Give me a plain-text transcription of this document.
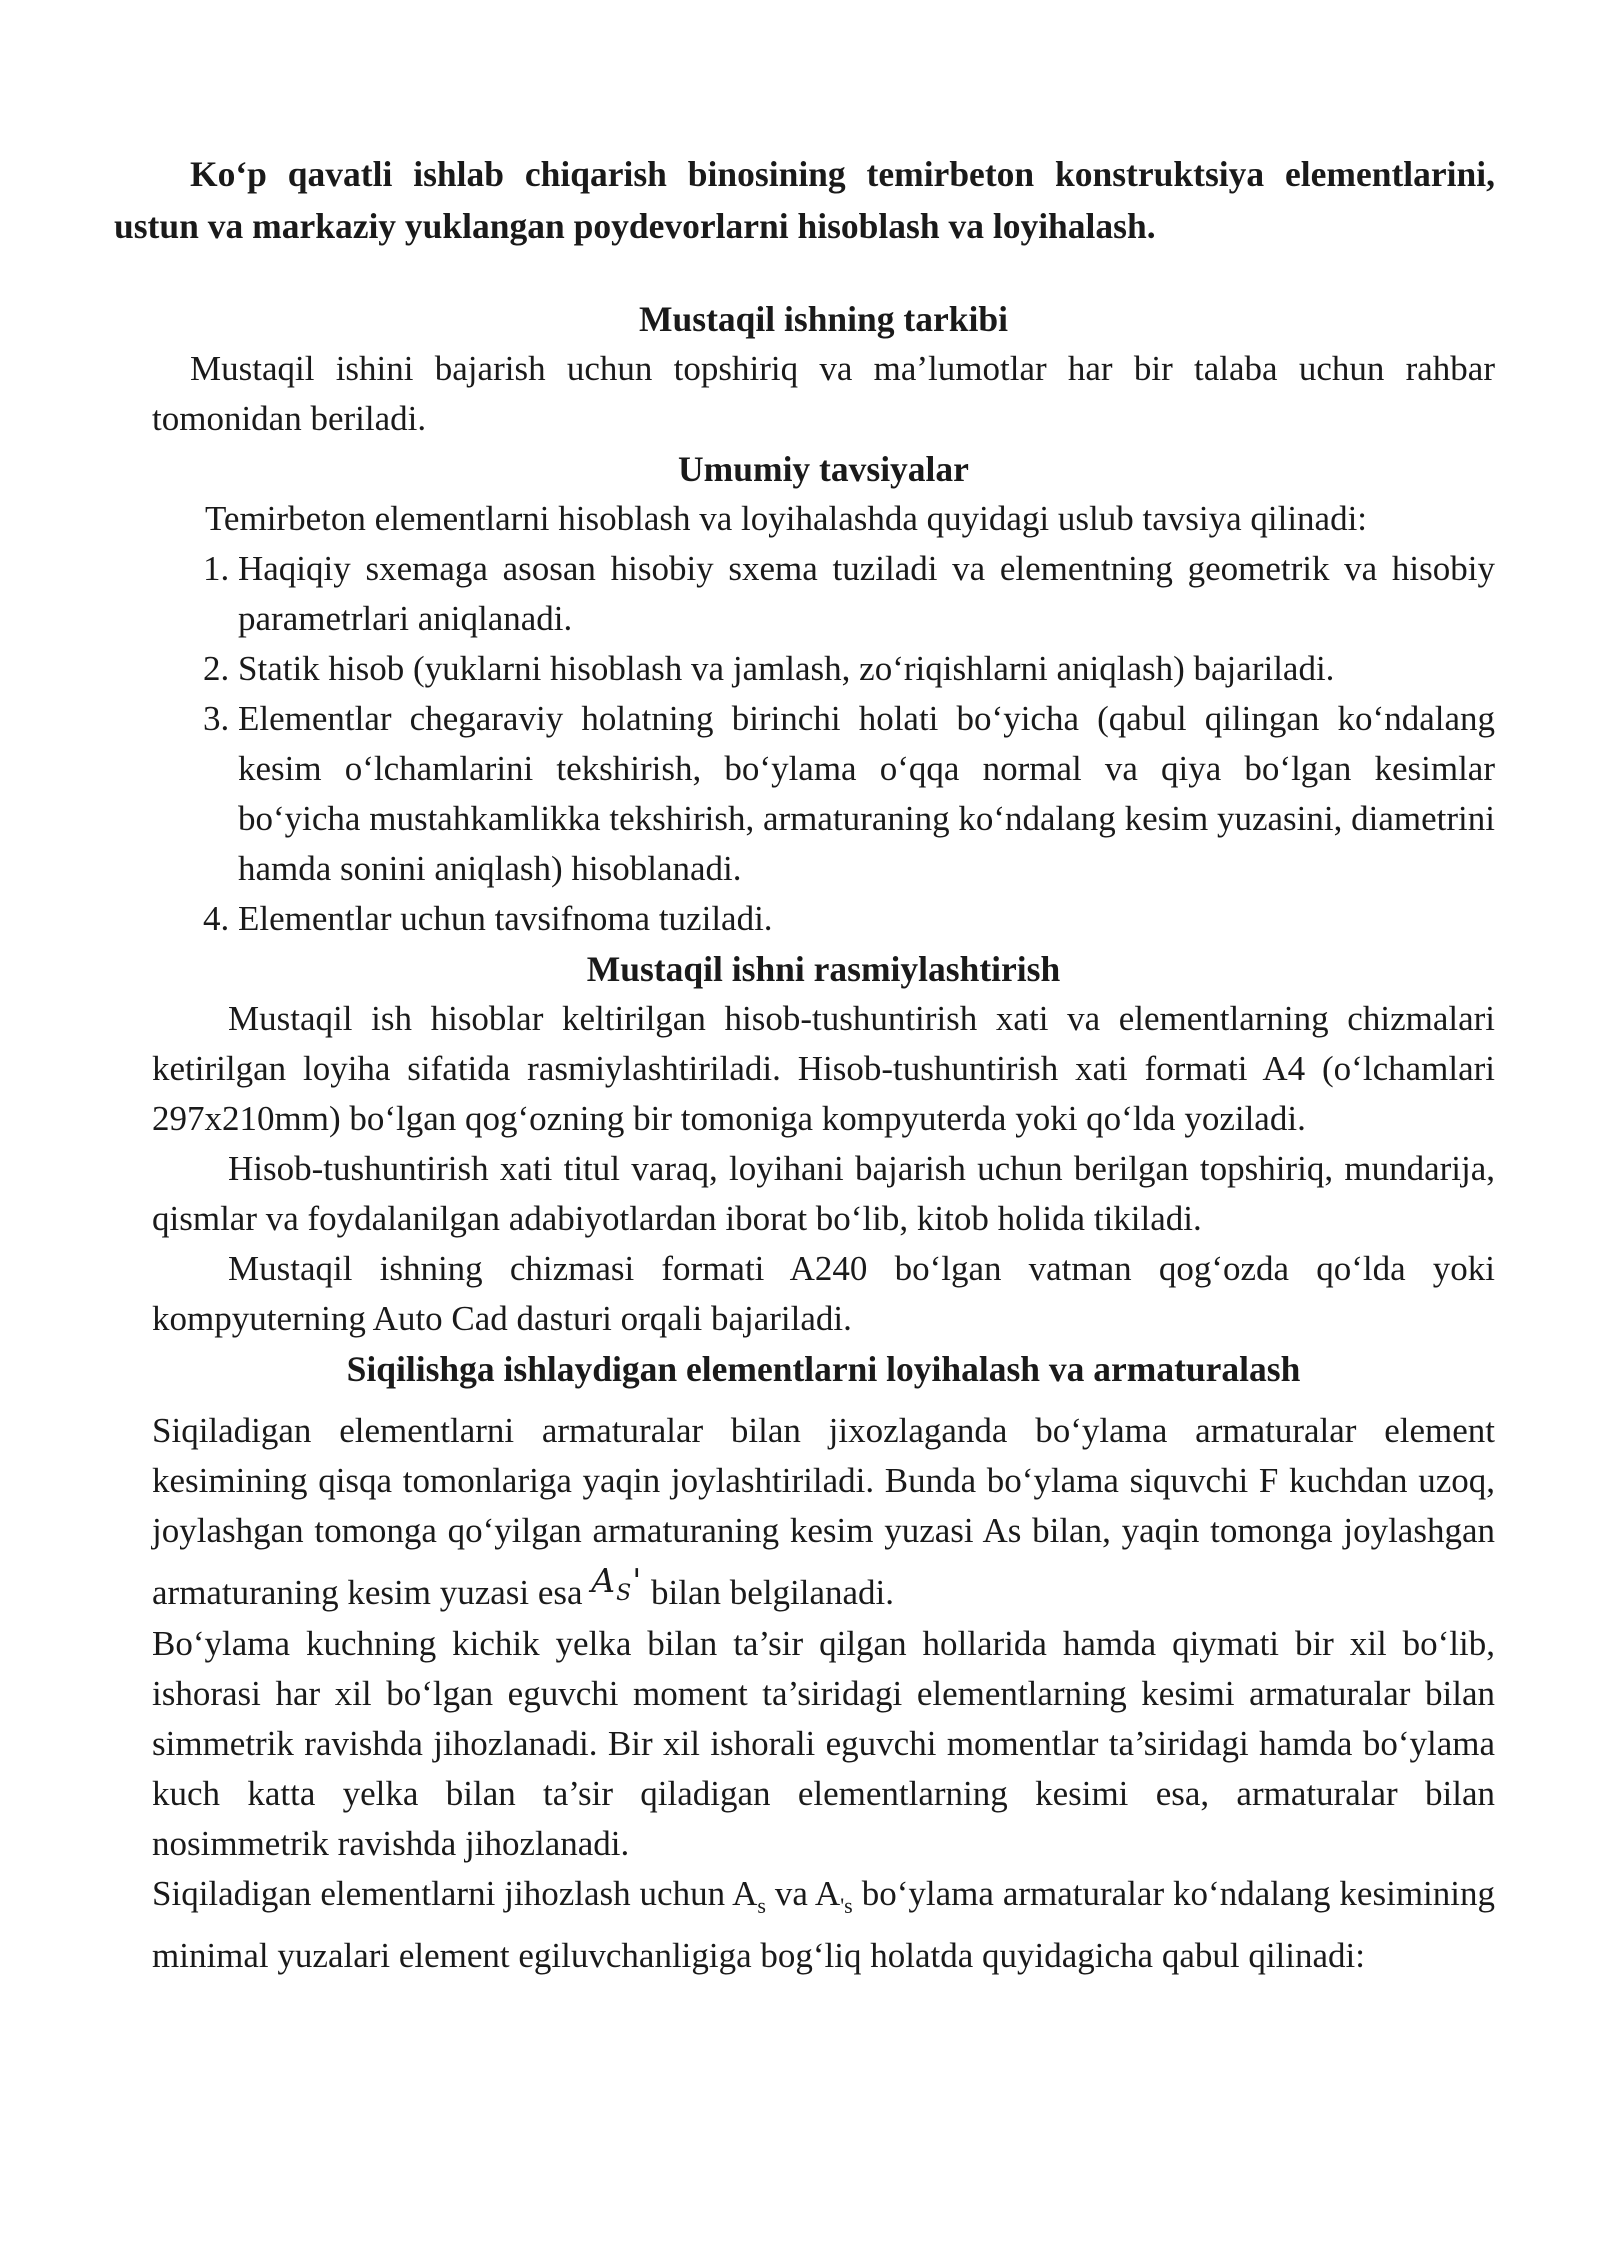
Ko‘p qavatli ishlab chiqarish binosining temirbeton konstruktsiya elementlarini, ustun va markaziy yuklangan poydevorlarni hisoblash va loyihalash.

Mustaqil ishning tarkibi

Mustaqil ishini bajarish uchun topshiriq va ma’lumotlar har bir talaba uchun rahbar tomonidan beriladi.

Umumiy tavsiyalar

Temirbeton elementlarni hisoblash va loyihalashda quyidagi uslub tavsiya qilinadi:

1. Haqiqiy sxemaga asosan hisobiy sxema tuziladi va elementning geometrik va hisobiy parametrlari aniqlanadi.
2. Statik hisob (yuklarni hisoblash va jamlash, zo‘riqishlarni aniqlash) bajariladi.
3. Elementlar chegaraviy holatning birinchi holati bo‘yicha (qabul qilingan ko‘ndalang kesim o‘lchamlarini tekshirish, bo‘ylama o‘qqa normal va qiya bo‘lgan kesimlar bo‘yicha mustahkamlikka tekshirish, armaturaning ko‘ndalang kesim yuzasini, diametrini hamda sonini aniqlash) hisoblanadi.
4. Elementlar uchun tavsifnoma tuziladi.
Mustaqil ishni rasmiylashtirish

Mustaqil ish hisoblar keltirilgan hisob-tushuntirish xati va elementlarning chizmalari ketirilgan loyiha sifatida rasmiylashtiriladi. Hisob-tushuntirish xati formati A4 (o‘lchamlari 297x210mm) bo‘lgan qog‘ozning bir tomoniga kompyuterda yoki qo‘lda yoziladi.

Hisob-tushuntirish xati titul varaq, loyihani bajarish uchun berilgan topshiriq, mundarija, qismlar va foydalanilgan adabiyotlardan iborat bo‘lib, kitob holida tikiladi.

Mustaqil ishning chizmasi formati A240 bo‘lgan vatman qog‘ozda qo‘lda yoki kompyuterning Auto Cad dasturi orqali bajariladi.

Siqilishga ishlaydigan elementlarni loyihalash va armaturalash

Siqiladigan elementlarni armaturalar bilan jixozlaganda bo‘ylama armaturalar element kesimining qisqa tomonlariga yaqin joylashtiriladi. Bunda bo‘ylama siquvchi F kuchdan uzoq, joylashgan tomonga qo‘yilgan armaturaning kesim yuzasi As bilan, yaqin tomonga joylashgan armaturaning kesim yuzasi esa $A_S'$ bilan belgilanadi.

Bo‘ylama kuchning kichik yelka bilan ta’sir qilgan hollarida hamda qiymati bir xil bo‘lib, ishorasi har xil bo‘lgan eguvchi moment ta’siridagi elementlarning kesimi armaturalar bilan simmetrik ravishda jihozlanadi. Bir xil ishorali eguvchi momentlar ta’siridagi hamda bo‘ylama kuch katta yelka bilan ta’sir qiladigan elementlarning kesimi esa, armaturalar bilan nosimmetrik ravishda jihozlanadi.

Siqiladigan elementlarni jihozlash uchun $A_s$ va $A_{'s}$ bo‘ylama armaturalar ko‘ndalang kesimining minimal yuzalari element egiluvchanligiga bog‘liq holatda quyidagicha qabul qilinadi:
